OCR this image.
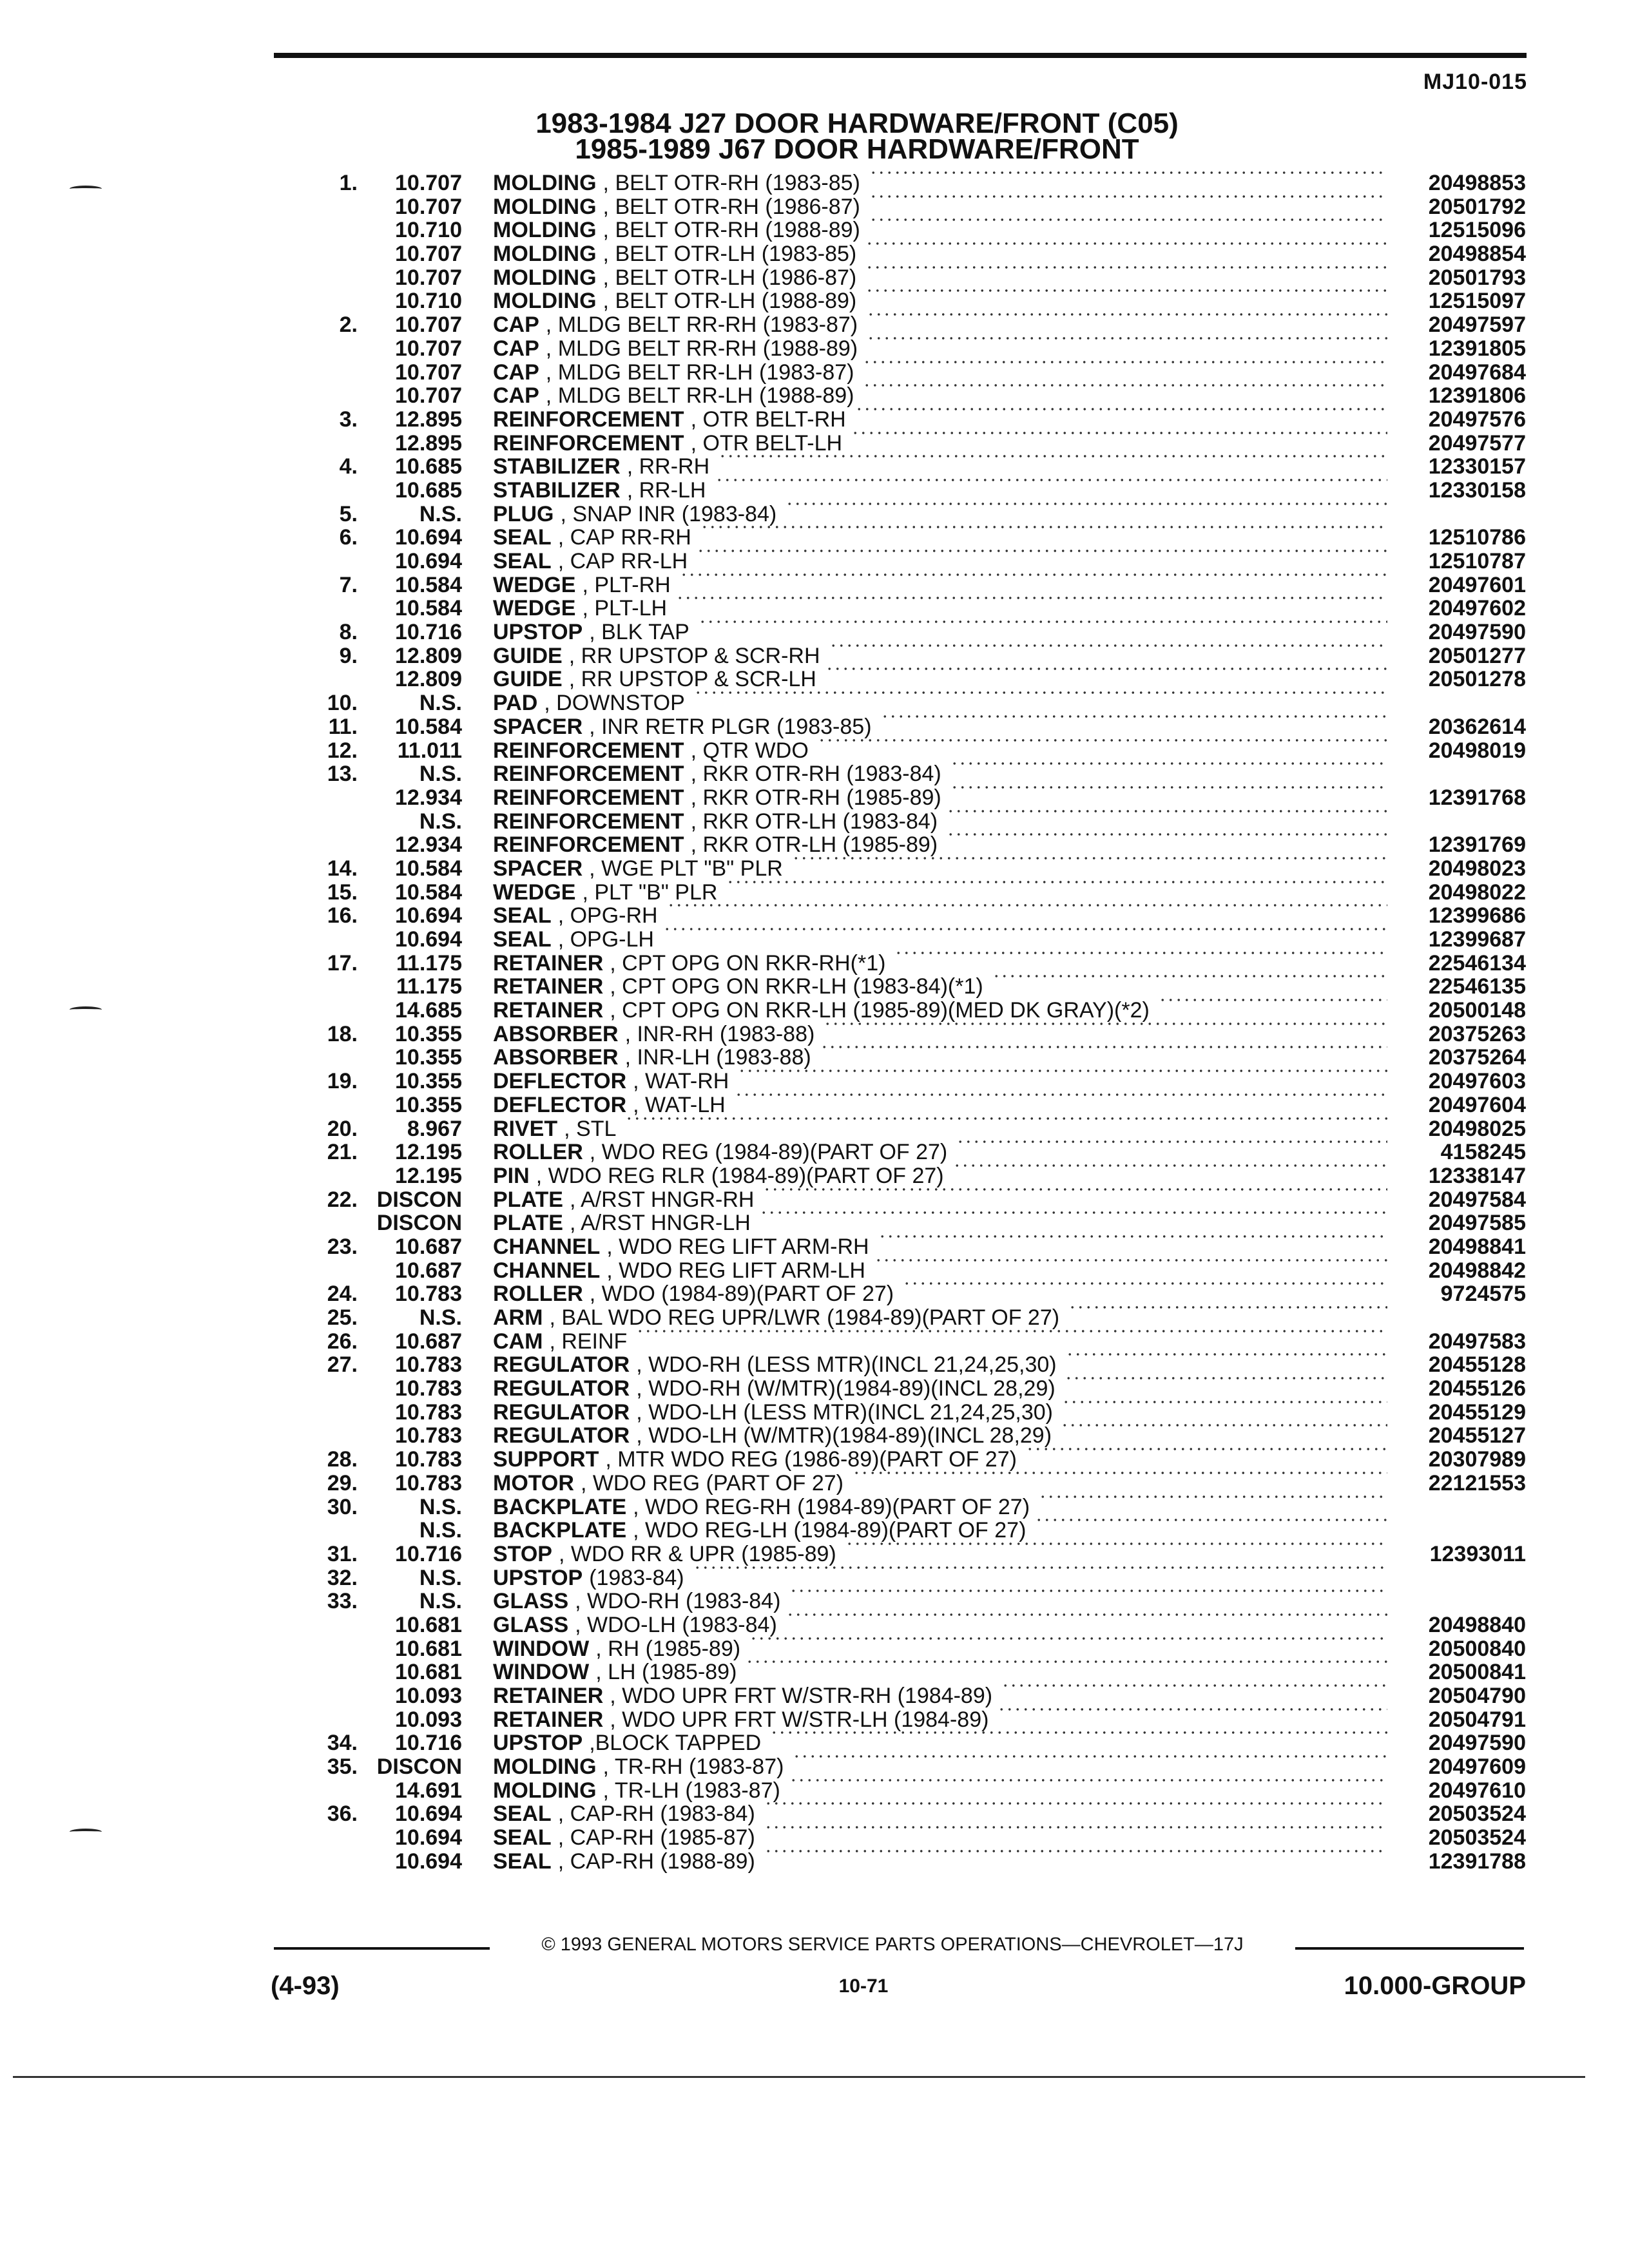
MJ10-015
1983-1984 J27 DOOR HARDWARE/FRONT (C05)
1985-1989 J67 DOOR HARDWARE/FRONT
1.	10.707 MOLDING , BELT OTR-RH (1983-85)	20498853
10.707 MOLDING , BELT OTR-RH (1986-87)	20501792
10.710 MOLDING , BELT OTR-RH (1988-89)	12515096
10.707 MOLDING , BELT OTR-LH (1983-85)	20498854
10.707 MOLDING , BELT OTR-LH (1986-87)	20501793
10.710 MOLDING , BELT OTR-LH (1988-89)	12515097
2.	10.707 CAP , MLDG BELT RR-RH (1983-87)	20497597
10.707 CAP , MLDG BELT RR-RH (1988-89)	12391805
10.707 CAP , MLDG BELT RR-LH (1983-87)	20497684
10.707 CAP , MLDG BELT RR-LH (1988-89)	12391806
3.	12.895 REINFORCEMENT , OTR BELT-RH	20497576
12.895 REINFORCEMENT , OTR BELT-LH	20497577
4.	10.685 STABILIZER , RR-RH	12330157
10.685 STABILIZER , RR-LH	12330158
5.	N.S. PLUG , SNAP INR (1983-84)
6.	10.694 SEAL , CAP RR-RH	12510786
10.694 SEAL , CAP RR-LH	12510787
7.	10.584 WEDGE , PLT-RH	20497601
10.584 WEDGE , PLT-LH	20497602
8.	10.716 UPSTOP , BLK TAP	20497590
9.	12.809 GUIDE , RR UPSTOP & SCR-RH	20501277
12.809 GUIDE , RR UPSTOP & SCR-LH	20501278
10.	N.S. PAD , DOWNSTOP
11.	10.584 SPACER , INR RETR PLGR (1983-85)	20362614
12.	11.011 REINFORCEMENT , QTR WDO	20498019
13.	N.S. REINFORCEMENT , RKR OTR-RH (1983-84)
12.934 REINFORCEMENT , RKR OTR-RH (1985-89)	12391768
N.S. REINFORCEMENT , RKR OTR-LH (1983-84)
12.934 REINFORCEMENT , RKR OTR-LH (1985-89)	12391769
14.	10.584 SPACER , WGE PLT "B" PLR	20498023
15.	10.584 WEDGE , PLT "B" PLR	20498022
16.	10.694 SEAL , OPG-RH	12399686
10.694 SEAL , OPG-LH	12399687
17.	11.175 RETAINER , CPT OPG ON RKR-RH(*1)	22546134
11.175 RETAINER , CPT OPG ON RKR-LH (1983-84)(*1)	22546135
14.685 RETAINER , CPT OPG ON RKR-LH (1985-89)(MED DK GRAY)(*2)	20500148
18.	10.355 ABSORBER , INR-RH (1983-88)	20375263
10.355 ABSORBER , INR-LH (1983-88)	20375264
19.	10.355 DEFLECTOR , WAT-RH	20497603
10.355 DEFLECTOR , WAT-LH	20497604
20.	8.967 RIVET , STL	20498025
21.	12.195 ROLLER , WDO REG (1984-89)(PART OF 27)	4158245
12.195 PIN , WDO REG RLR (1984-89)(PART OF 27)	12338147
22. DISCON PLATE , A/RST HNGR-RH	20497584
DISCON PLATE , A/RST HNGR-LH	20497585
23.	10.687 CHANNEL , WDO REG LIFT ARM-RH	20498841
10.687 CHANNEL , WDO REG LIFT ARM-LH	20498842
24.	10.783 ROLLER , WDO (1984-89)(PART OF 27)	9724575
25.	N.S. ARM , BAL WDO REG UPR/LWR (1984-89)(PART OF 27)
26.	10.687 CAM , REINF	20497583
27.	10.783 REGULATOR , WDO-RH (LESS MTR)(INCL 21,24,25,30)	20455128
10.783 REGULATOR , WDO-RH (W/MTR)(1984-89)(INCL 28,29)	20455126
10.783 REGULATOR , WDO-LH (LESS MTR)(INCL 21,24,25,30)	20455129
10.783 REGULATOR , WDO-LH (W/MTR)(1984-89)(INCL 28,29)	20455127
28.	10.783 SUPPORT , MTR WDO REG (1986-89)(PART OF 27)	20307989
29.	10.783 MOTOR , WDO REG (PART OF 27)	22121553
30.	N.S. BACKPLATE , WDO REG-RH (1984-89)(PART OF 27)
N.S. BACKPLATE , WDO REG-LH (1984-89)(PART OF 27)
31.	10.716 STOP , WDO RR & UPR (1985-89)	12393011
32.	N.S. UPSTOP (1983-84)
33.	N.S. GLASS , WDO-RH (1983-84)
10.681 GLASS , WDO-LH (1983-84)	20498840
10.681 WINDOW , RH (1985-89)	20500840
10.681 WINDOW , LH (1985-89)	20500841
10.093 RETAINER , WDO UPR FRT W/STR-RH (1984-89)	20504790
10.093 RETAINER , WDO UPR FRT W/STR-LH (1984-89)	20504791
34.	10.716 UPSTOP ,BLOCK TAPPED	20497590
35. DISCON MOLDING , TR-RH (1983-87)	20497609
14.691 MOLDING , TR-LH (1983-87)	20497610
36.	10.694 SEAL , CAP-RH (1983-84)	20503524
10.694 SEAL , CAP-RH (1985-87)	20503524
10.694 SEAL , CAP-RH (1988-89)	12391788
© 1993 GENERAL MOTORS SERVICE PARTS OPERATIONS—CHEVROLET—17J
(4-93)	10-71	10.000-GROUP
